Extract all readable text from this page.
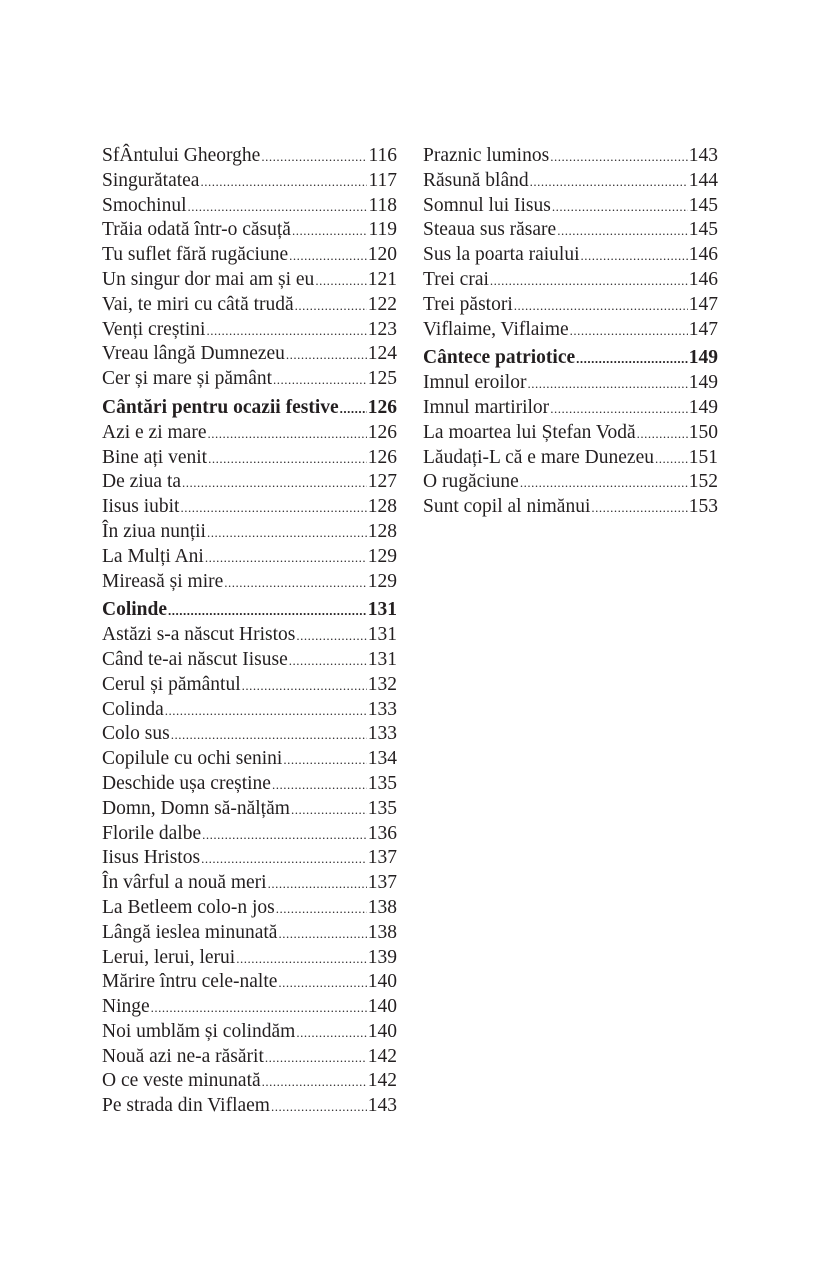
SfÂntului Gheorghe .....	116
Singurătatea .....	117
Smochinul .....	118
Trăia odată într-o căsuță .....	119
Tu suflet fără rugăciune .....	120
Un singur dor mai am și eu .....	121
Vai, te miri cu câtă trudă .....	122
Venți creștini .....	123
Vreau lângă Dumnezeu .....	124
Cer și mare și pământ .....	125
Cântări pentru ocazii festive ..... 126
Azi e zi mare .....	126
Bine ați venit .....	126
De ziua ta .....	127
Iisus iubit .....	128
În ziua nunții .....	128
La Mulți Ani .....	129
Mireasă și mire .....	129
Colinde .....	131
Astăzi s-a născut Hristos .....	131
Când te-ai născut Iisuse .....	131
Cerul și pământul .....	132
Colinda .....	133
Colo sus .....	133
Copilule cu ochi senini .....	134
Deschide ușa creștine .....	135
Domn, Domn să-nălțăm .....	135
Florile dalbe .....	136
Iisus Hristos .....	137
În vârful a nouă meri .....	137
La Betleem colo-n jos .....	138
Lângă ieslea minunată .....	138
Lerui, lerui, lerui .....	139
Mărire întru cele-nalte .....	140
Ninge .....	140
Noi umblăm și colindăm .....	140
Nouă azi ne-a răsărit .....	142
O ce veste minunată .....	142
Pe strada din Viflaem .....	143
Praznic luminos .....	143
Răsună blând .....	144
Somnul lui Iisus .....	145
Steaua sus răsare .....	145
Sus la poarta raiului .....	146
Trei crai .....	146
Trei păstori .....	147
Viflaime, Viflaime .....	147
Cântece patriotice .....	149
Imnul eroilor .....	149
Imnul martirilor .....	149
La moartea lui Ștefan Vodă .....	150
Lăudați-L că e mare Dunezeu ..... 151
O rugăciune .....	152
Sunt copil al nimănui .....	153
